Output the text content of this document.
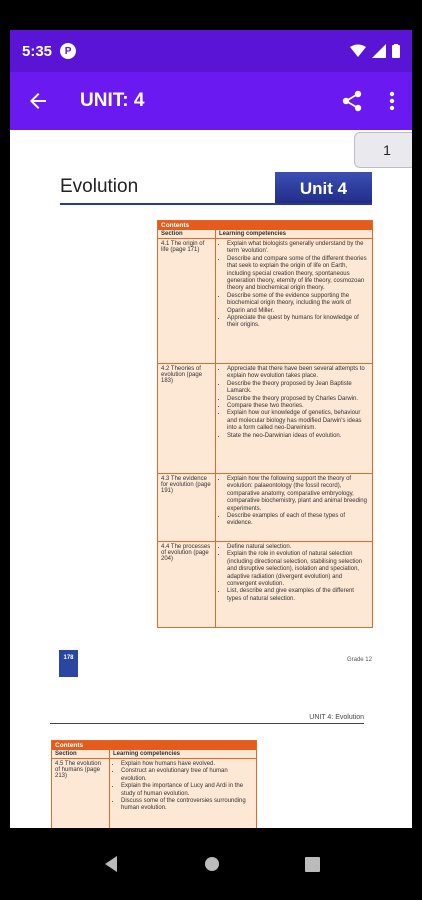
5:35	P
UNIT: 4
1
Evolution	Unit 4
Contents
Section	Learning competencies
4.1 The origin of life (page 171)
• Explain what biologists generally understand by the term 'evolution'.
• Describe and compare some of the different theories that seek to explain the origin of life on Earth, including special creation theory, spontaneous generation theory, eternity of life theory, cosmozoan theory and biochemical origin theory.
• Describe some of the evidence supporting the biochemical origin theory, including the work of Oparin and Miller.
• Appreciate the quest by humans for knowledge of their origins.
4.2 Theories of evolution (page 183)
• Appreciate that there have been several attempts to explain how evolution takes place.
• Describe the theory proposed by Jean Baptiste Lamarck.
• Describe the theory proposed by Charles Darwin.
• Compare these two theories.
• Explain how our knowledge of genetics, behaviour and molecular biology has modified Darwin's ideas into a form called neo-Darwinism.
• State the neo-Darwinian ideas of evolution.
4.3 The evidence for evolution (page 191)
• Explain how the following support the theory of evolution: palaeontology (the fossil record), comparative anatomy, comparative embryology, comparative biochemistry, plant and animal breeding experiments.
• Describe examples of each of these types of evidence.
4.4 The processes of evolution (page 204)
• Define natural selection.
• Explain the role in evolution of natural selection (including directional selection, stabilising selection and disruptive selection), isolation and speciation, adaptive radiation (divergent evolution) and convergent evolution.
• List, describe and give examples of the different types of natural selection.
178	Grade 12
UNIT 4: Evolution
Contents
Section	Learning competencies
4.5 The evolution of humans (page 213)
• Explain how humans have evolved.
• Construct an evolutionary tree of human evolution.
• Explain the importance of Lucy and Ardi in the study of human evolution.
• Discuss some of the controversies surrounding human evolution.
